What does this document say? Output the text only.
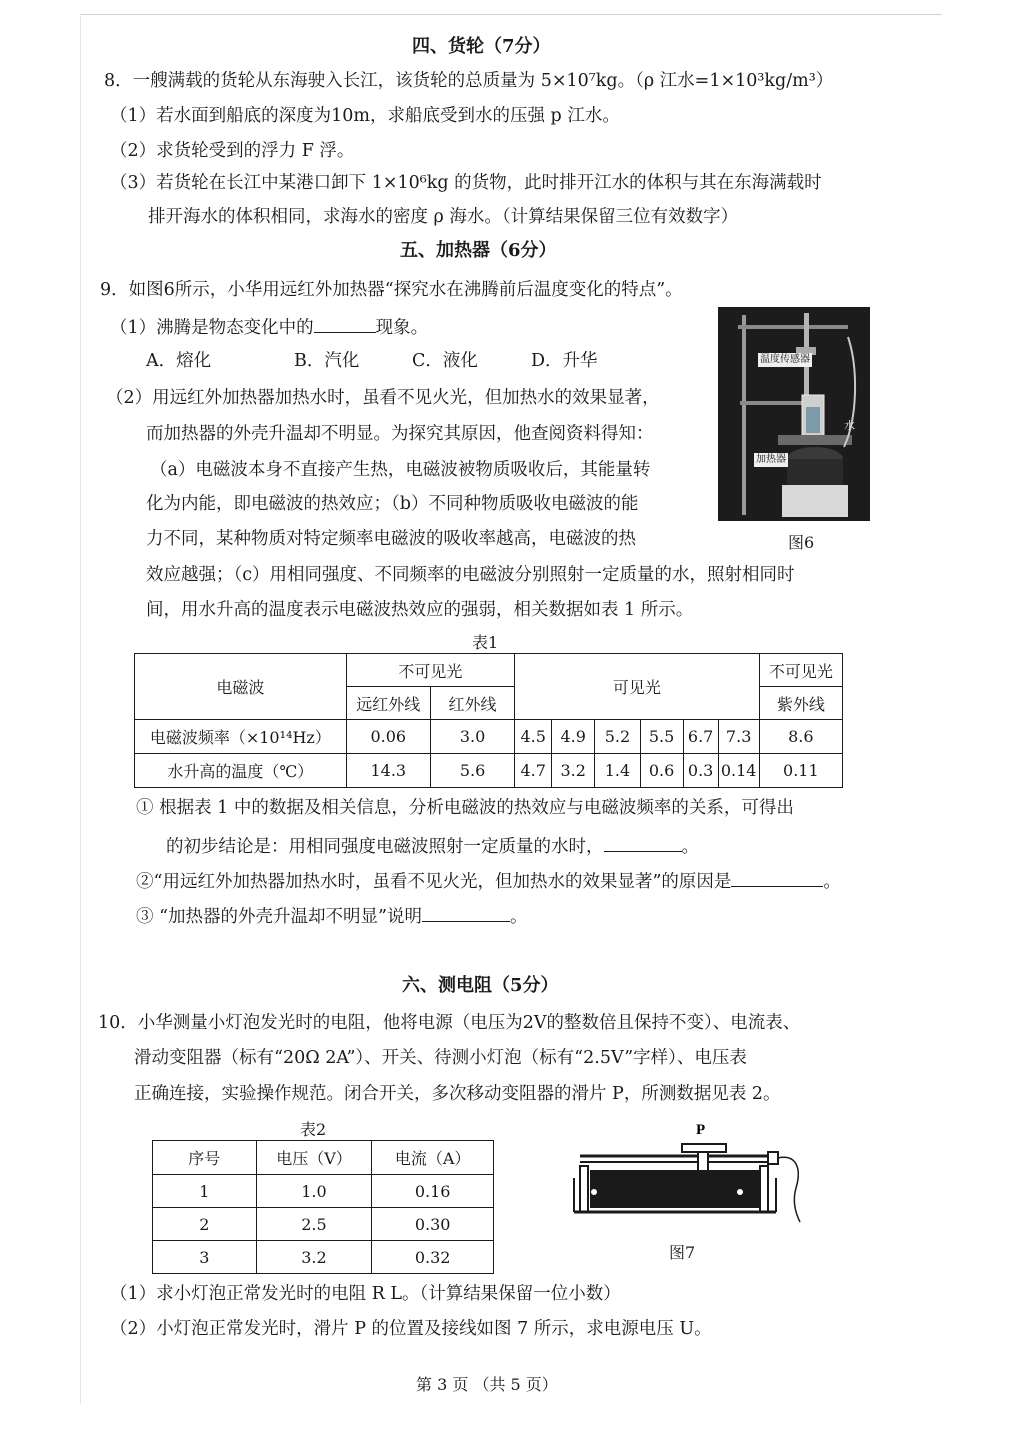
四、货轮（7分）
8．一艘满载的货轮从东海驶入长江，该货轮的总质量为 5×10⁷kg。（ρ 江水=1×10³kg/m³）
（1）若水面到船底的深度为10m，求船底受到水的压强 p 江水。
（2）求货轮受到的浮力 F 浮。
（3）若货轮在长江中某港口卸下 1×10⁶kg 的货物，此时排开江水的体积与其在东海满载时
排开海水的体积相同，求海水的密度 ρ 海水。（计算结果保留三位有效数字）
五、加热器（6分）
9．如图6所示，小华用远红外加热器“探究水在沸腾前后温度变化的特点”。
（1）沸腾是物态变化中的	现象。
A．熔化	B．汽化	C．液化	D．升华
（2）用远红外加热器加热水时，虽看不见火光，但加热水的效果显著，
而加热器的外壳升温却不明显。为探究其原因，他查阅资料得知：
（a）电磁波本身不直接产生热，电磁波被物质吸收后，其能量转
化为内能，即电磁波的热效应；（b）不同种物质吸收电磁波的能
力不同，某种物质对特定频率电磁波的吸收率越高，电磁波的热
效应越强；（c）用相同强度、不同频率的电磁波分别照射一定质量的水，照射相同时
间，用水升高的温度表示电磁波热效应的强弱，相关数据如表 1 所示。
温度传感器
水
加热器
图6
表1
电磁波	不可见光		可见光						不可见光
	远红外线	红外线							紫外线
电磁波频率（×10¹⁴Hz）	0.06	3.0	4.5	4.9	5.2	5.5	6.7	7.3	8.6
水升高的温度（℃）	14.3	5.6	4.7	3.2	1.4	0.6	0.3	0.14	0.11
① 根据表 1 中的数据及相关信息，分析电磁波的热效应与电磁波频率的关系，可得出
的初步结论是：用相同强度电磁波照射一定质量的水时，	。
②“用远红外加热器加热水时，虽看不见火光，但加热水的效果显著”的原因是	。
③ “加热器的外壳升温却不明显”说明	。
六、测电阻（5分）
10．小华测量小灯泡发光时的电阻，他将电源（电压为2V的整数倍且保持不变）、电流表、
滑动变阻器（标有“20Ω 2A”）、开关、待测小灯泡（标有“2.5V”字样）、电压表
正确连接，实验操作规范。闭合开关，多次移动变阻器的滑片 P，所测数据见表 2。
表2
序号	电压（V）	电流（A）
1	1.0	0.16
2	2.5	0.30
3	3.2	0.32
P
图7
（1）求小灯泡正常发光时的电阻 R L。（计算结果保留一位小数）
（2）小灯泡正常发光时，滑片 P 的位置及接线如图 7 所示，求电源电压 U。
第 3 页 （共 5 页）
